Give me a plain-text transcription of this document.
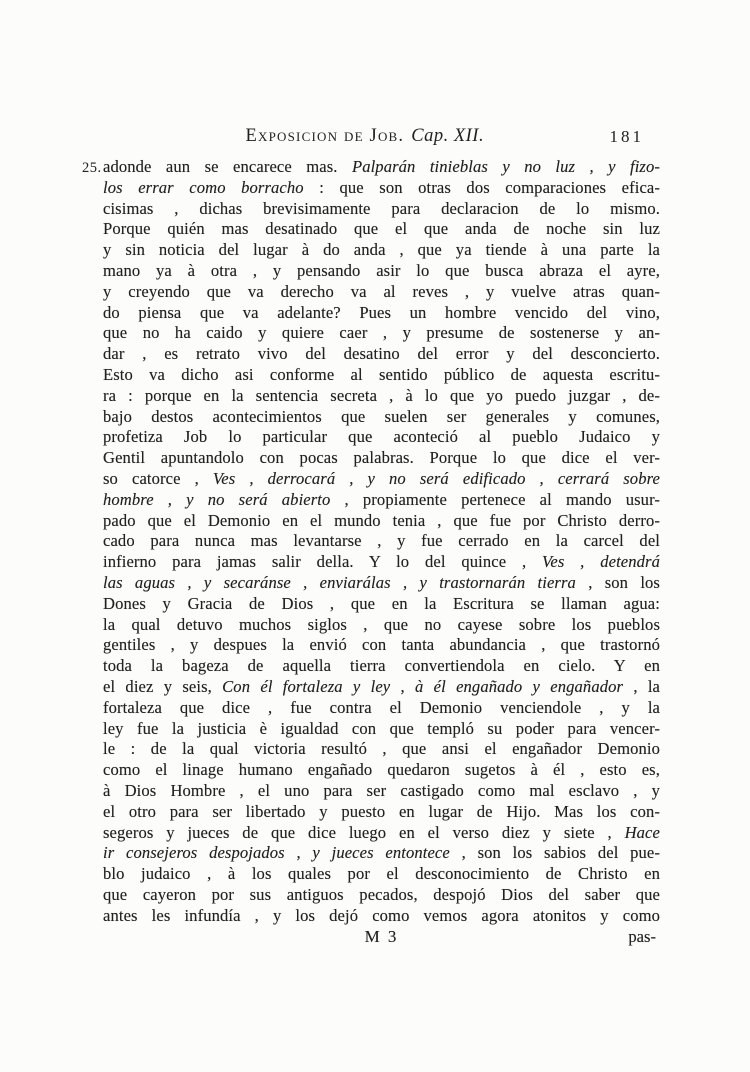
Exposicion de Job. Cap. XII.	181
25. adonde aun se encarece mas. Palparán tinieblas y no luz , y fizo-
los errar como borracho : que son otras dos comparaciones efica-
cisimas , dichas brevisimamente para declaracion de lo mismo.
Porque quién mas desatinado que el que anda de noche sin luz
y sin noticia del lugar à do anda , que ya tiende à una parte la
mano ya à otra , y pensando asir lo que busca abraza el ayre,
y creyendo que va derecho va al reves , y vuelve atras quan-
do piensa que va adelante? Pues un hombre vencido del vino,
que no ha caido y quiere caer , y presume de sostenerse y an-
dar , es retrato vivo del desatino del error y del desconcierto.
Esto va dicho asi conforme al sentido público de aquesta escritu-
ra : porque en la sentencia secreta , à lo que yo puedo juzgar , de-
bajo destos acontecimientos que suelen ser generales y comunes,
profetiza Job lo particular que aconteció al pueblo Judaico y
Gentil apuntandolo con pocas palabras. Porque lo que dice el ver-
so catorce , Ves , derrocará , y no será edificado , cerrará sobre
hombre , y no será abierto , propiamente pertenece al mando usur-
pado que el Demonio en el mundo tenia , que fue por Christo derro-
cado para nunca mas levantarse , y fue cerrado en la carcel del
infierno para jamas salir della. Y lo del quince , Ves , detendrá
las aguas , y secaránse , enviarálas , y trastornarán tierra , son los
Dones y Gracia de Dios , que en la Escritura se llaman agua:
la qual detuvo muchos siglos , que no cayese sobre los pueblos
gentiles , y despues la envió con tanta abundancia , que trastornó
toda la bageza de aquella tierra convertiendola en cielo. Y en
el diez y seis, Con él fortaleza y ley , à él engañado y engañador , la
fortaleza que dice , fue contra el Demonio venciendole , y la
ley fue la justicia è igualdad con que templó su poder para vencer-
le : de la qual victoria resultó , que ansi el engañador Demonio
como el linage humano engañado quedaron sugetos à él , esto es,
à Dios Hombre , el uno para ser castigado como mal esclavo , y
el otro para ser libertado y puesto en lugar de Hijo. Mas los con-
segeros y jueces de que dice luego en el verso diez y siete , Hace
ir consejeros despojados , y jueces entontece , son los sabios del pue-
blo judaico , à los quales por el desconocimiento de Christo en
que cayeron por sus antiguos pecados, despojó Dios del saber que
antes les infundía , y los dejó como vemos agora atonitos y como
M 3	pas-
